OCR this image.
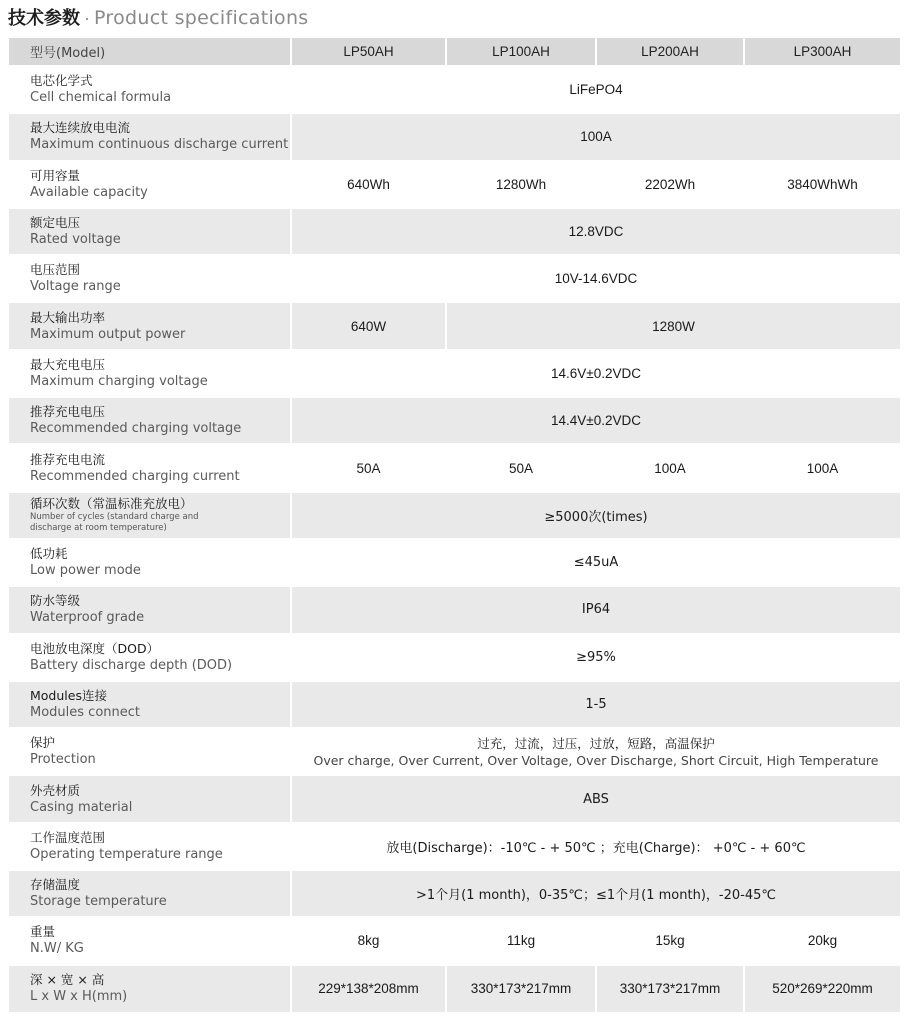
技术参数 · Product specifications
型号(Model)	LP50AH	LP100AH	LP200AH	LP300AH

电芯化学式
Cell chemical formula	LiFePO4			

最大连续放电电流
Maximum continuous discharge current	100A			

可用容量
Available capacity	640Wh	1280Wh	2202Wh	3840WhWh

额定电压
Rated voltage	12.8VDC			

电压范围
Voltage range	10V-14.6VDC			

最大输出功率
Maximum output power	640W	1280W		

最大充电电压
Maximum charging voltage	14.6V±0.2VDC			

推荐充电电压
Recommended charging voltage	14.4V±0.2VDC			

推荐充电电流
Recommended charging current	50A	50A	100A	100A

循环次数（常温标准充放电）
Number of cycles (standard charge and discharge at room temperature)	≥5000次(times)			

低功耗
Low power mode	≤45uA			

防水等级
Waterproof grade	IP64			

电池放电深度（DOD）
Battery discharge depth (DOD)	≥95%			

Modules连接
Modules connect	1-5			

保护
Protection	过充，过流，过压，过放，短路，高温保护
Over charge, Over Current, Over Voltage, Over Discharge, Short Circuit, High Temperature			

外壳材质
Casing material	ABS			

工作温度范围
Operating temperature range	放电(Discharge)：-10℃ - + 50℃ ；充电(Charge)： +0℃ - + 60℃			

存储温度
Storage temperature	>1个月(1 month)，0-35℃；≤1个月(1 month)，-20-45℃			

重量
N.W/ KG	8kg	11kg	15kg	20kg

深 × 宽 × 高
L x W x H(mm)	229*138*208mm	330*173*217mm	330*173*217mm	520*269*220mm
